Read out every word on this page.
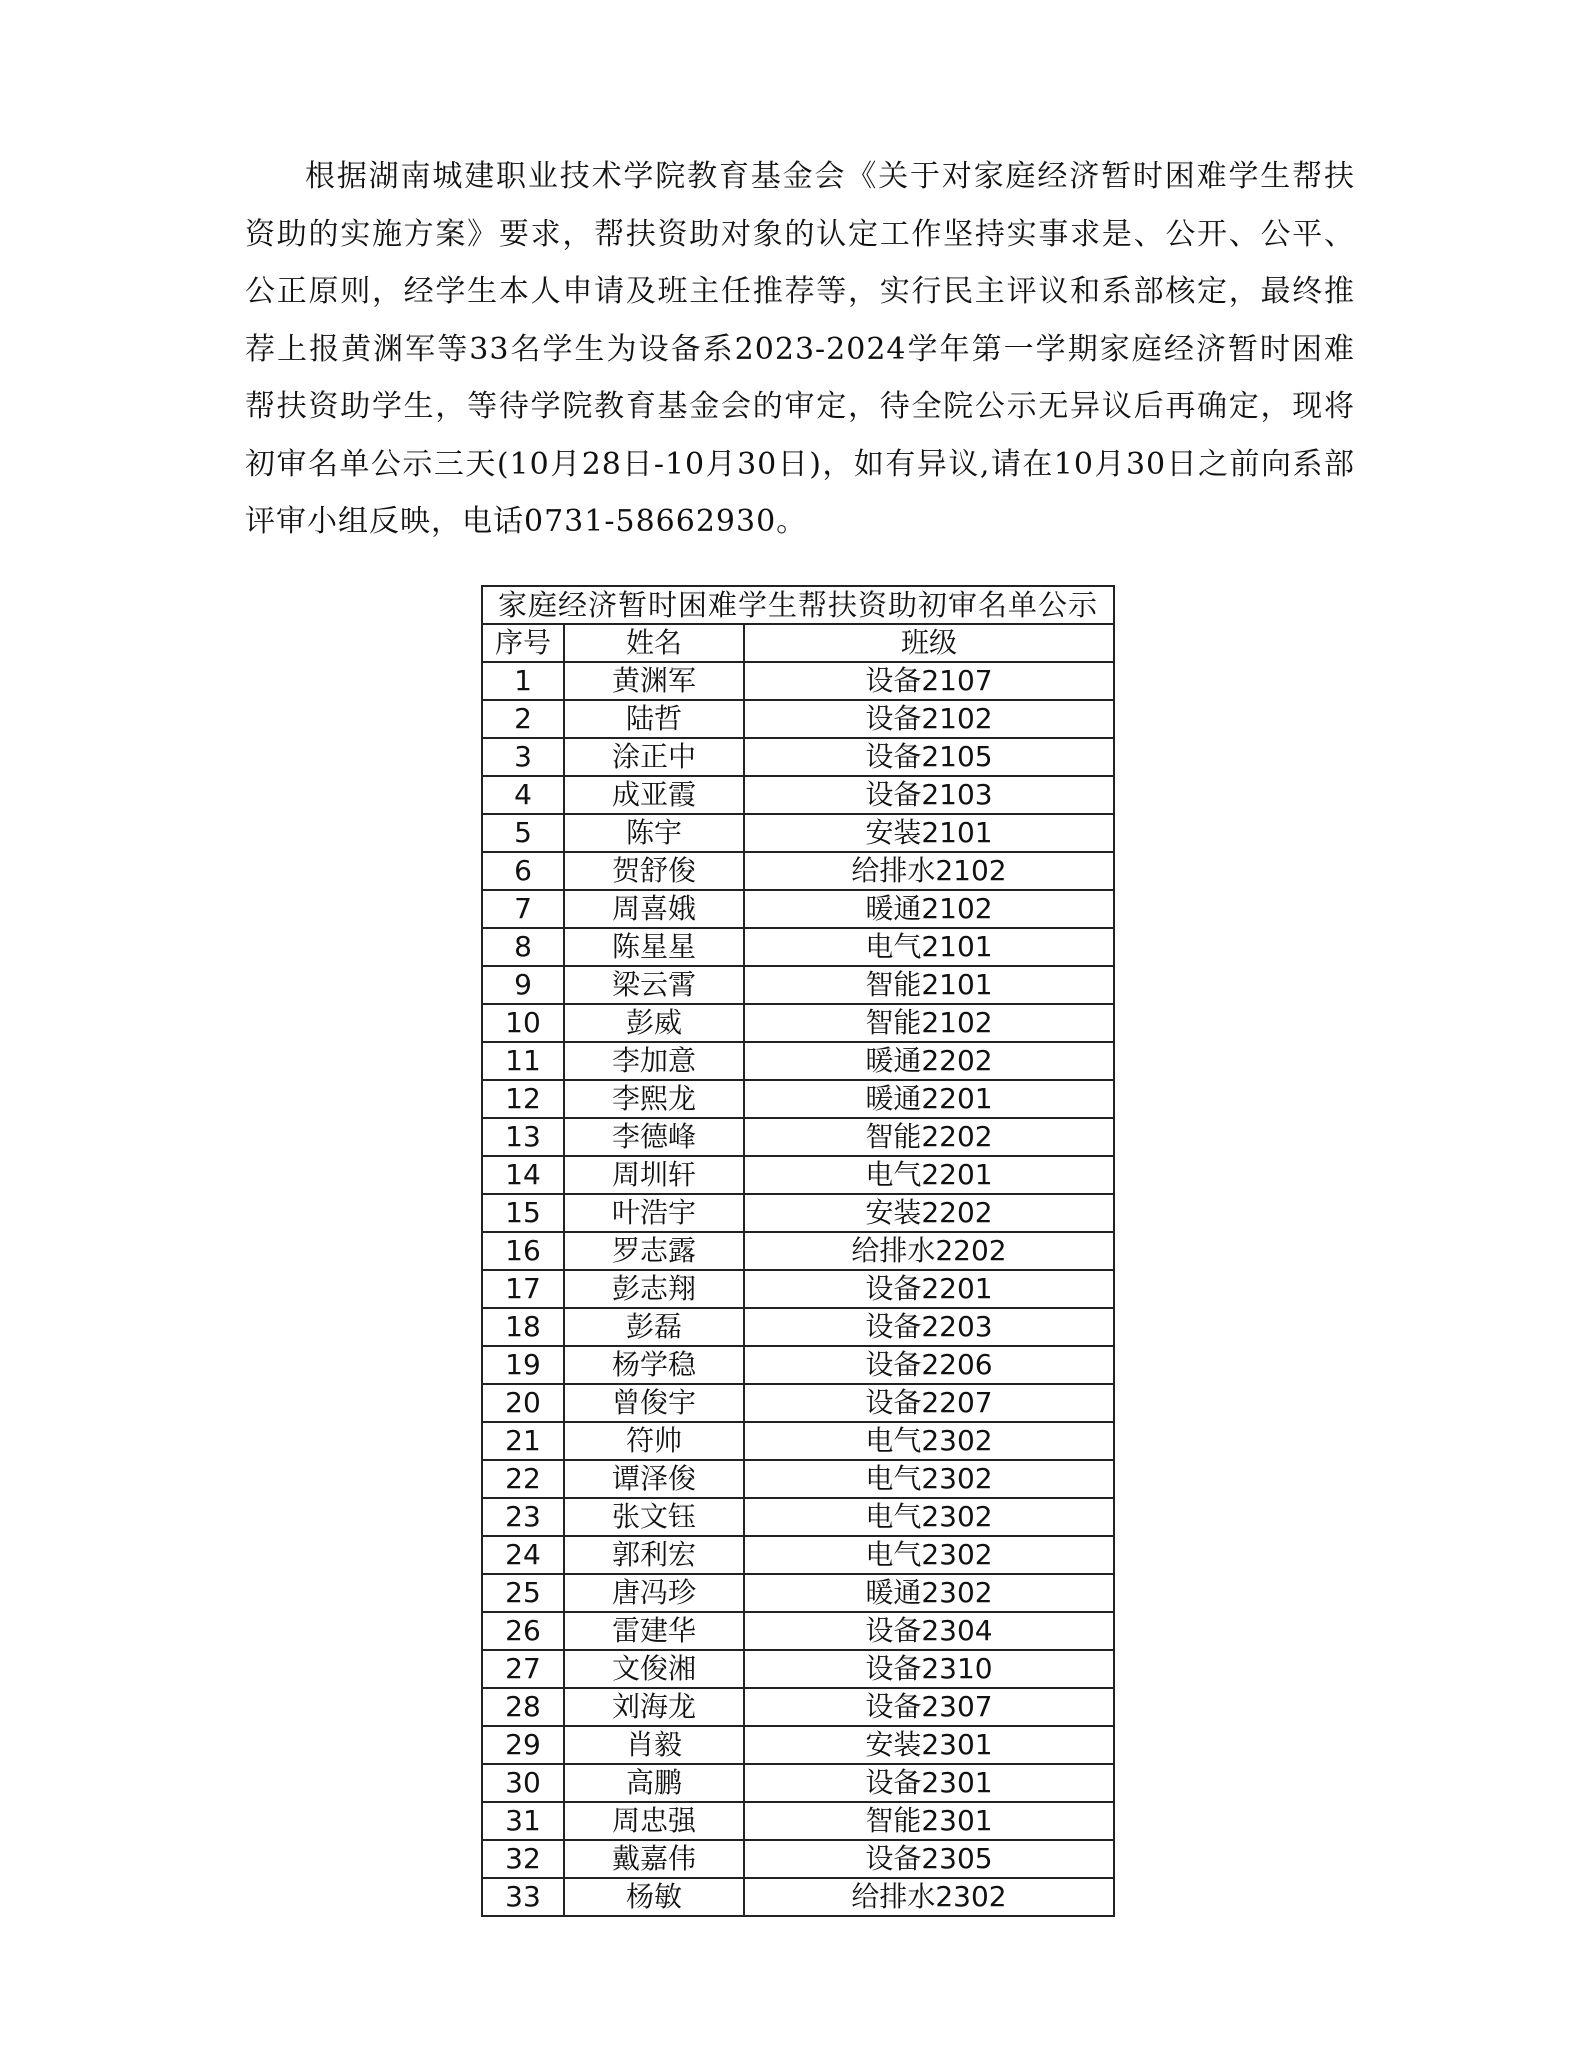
根据湖南城建职业技术学院教育基金会《关于对家庭经济暂时困难学生帮扶资助的实施方案》要求，帮扶资助对象的认定工作坚持实事求是、公开、公平、公正原则，经学生本人申请及班主任推荐等，实行民主评议和系部核定，最终推荐上报黄渊军等33名学生为设备系2023-2024学年第一学期家庭经济暂时困难帮扶资助学生，等待学院教育基金会的审定，待全院公示无异议后再确定，现将初审名单公示三天(10月28日-10月30日)，如有异议,请在10月30日之前向系部评审小组反映，电话0731-58662930。

家庭经济暂时困难学生帮扶资助初审名单公示
序号	姓名	班级
1	黄渊军	设备2107
2	陆哲	设备2102
3	涂正中	设备2105
4	成亚霞	设备2103
5	陈宇	安装2101
6	贺舒俊	给排水2102
7	周喜娥	暖通2102
8	陈星星	电气2101
9	梁云霄	智能2101
10	彭威	智能2102
11	李加意	暖通2202
12	李熙龙	暖通2201
13	李德峰	智能2202
14	周圳轩	电气2201
15	叶浩宇	安装2202
16	罗志露	给排水2202
17	彭志翔	设备2201
18	彭磊	设备2203
19	杨学稳	设备2206
20	曾俊宇	设备2207
21	符帅	电气2302
22	谭泽俊	电气2302
23	张文钰	电气2302
24	郭利宏	电气2302
25	唐冯珍	暖通2302
26	雷建华	设备2304
27	文俊湘	设备2310
28	刘海龙	设备2307
29	肖毅	安装2301
30	高鹏	设备2301
31	周忠强	智能2301
32	戴嘉伟	设备2305
33	杨敏	给排水2302
